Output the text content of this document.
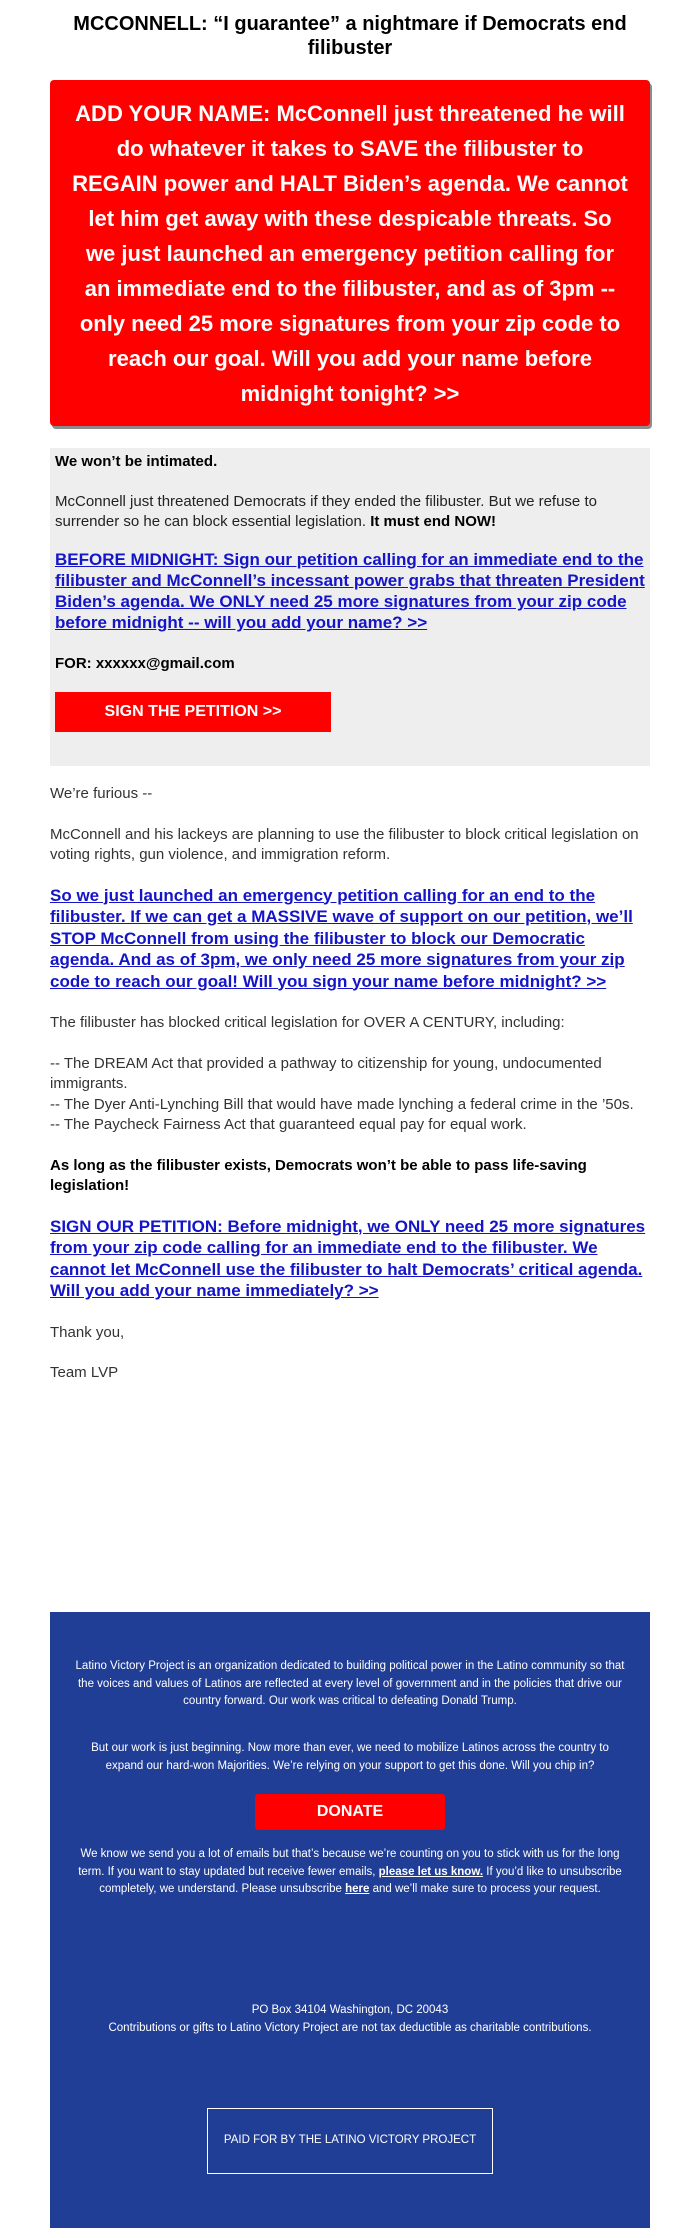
MCCONNELL: “I guarantee” a nightmare if Democrats end filibuster
ADD YOUR NAME: McConnell just threatened he will do whatever it takes to SAVE the filibuster to REGAIN power and HALT Biden’s agenda. We cannot let him get away with these despicable threats. So we just launched an emergency petition calling for an immediate end to the filibuster, and as of 3pm -- only need 25 more signatures from your zip code to reach our goal. Will you add your name before midnight tonight? >>

We won’t be intimated.

McConnell just threatened Democrats if they ended the filibuster. But we refuse to surrender so he can block essential legislation. It must end NOW!

BEFORE MIDNIGHT: Sign our petition calling for an immediate end to the filibuster and McConnell’s incessant power grabs that threaten President Biden’s agenda. We ONLY need 25 more signatures from your zip code before midnight -- will you add your name? >>

FOR: xxxxxx@gmail.com

SIGN THE PETITION >>

We’re furious --

McConnell and his lackeys are planning to use the filibuster to block critical legislation on voting rights, gun violence, and immigration reform.

So we just launched an emergency petition calling for an end to the filibuster. If we can get a MASSIVE wave of support on our petition, we’ll STOP McConnell from using the filibuster to block our Democratic agenda. And as of 3pm, we only need 25 more signatures from your zip code to reach our goal! Will you sign your name before midnight? >>

The filibuster has blocked critical legislation for OVER A CENTURY, including:

-- The DREAM Act that provided a pathway to citizenship for young, undocumented immigrants.

-- The Dyer Anti-Lynching Bill that would have made lynching a federal crime in the ’50s.

-- The Paycheck Fairness Act that guaranteed equal pay for equal work.

As long as the filibuster exists, Democrats won’t be able to pass life-saving legislation!

SIGN OUR PETITION: Before midnight, we ONLY need 25 more signatures from your zip code calling for an immediate end to the filibuster. We cannot let McConnell use the filibuster to halt Democrats’ critical agenda. Will you add your name immediately? >>

Thank you,

Team LVP

Latino Victory Project is an organization dedicated to building political power in the Latino community so that the voices and values of Latinos are reflected at every level of government and in the policies that drive our country forward. Our work was critical to defeating Donald Trump.

But our work is just beginning. Now more than ever, we need to mobilize Latinos across the country to expand our hard-won Majorities. We’re relying on your support to get this done. Will you chip in?

DONATE

We know we send you a lot of emails but that’s because we’re counting on you to stick with us for the long term. If you want to stay updated but receive fewer emails, please let us know. If you’d like to unsubscribe completely, we understand. Please unsubscribe here and we’ll make sure to process your request.

PO Box 34104 Washington, DC 20043
Contributions or gifts to Latino Victory Project are not tax deductible as charitable contributions.

PAID FOR BY THE LATINO VICTORY PROJECT
